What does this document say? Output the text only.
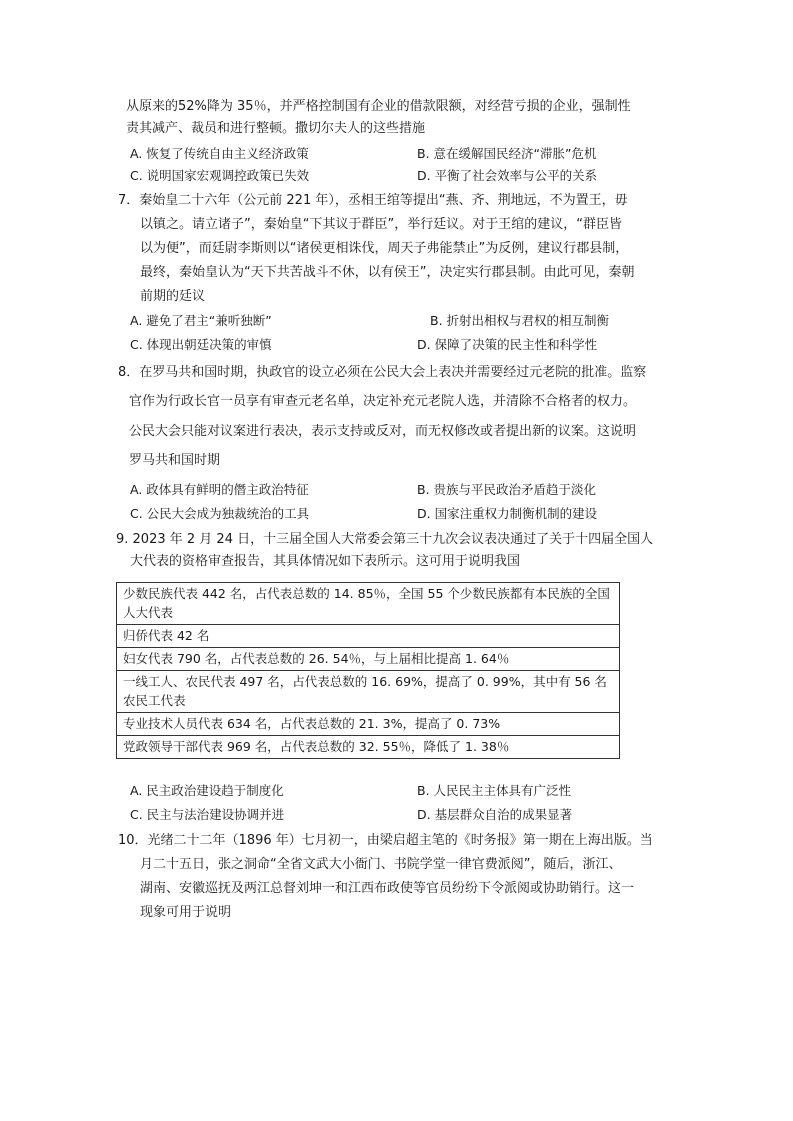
从原来的52%降为 35％，并严格控制国有企业的借款限额，对经营亏损的企业，强制性
责其减产、裁员和进行整顿。撒切尔夫人的这些措施
A. 恢复了传统自由主义经济政策	B. 意在缓解国民经济“滞胀”危机
C. 说明国家宏观调控政策已失效	D. 平衡了社会效率与公平的关系
7．秦始皇二十六年（公元前 221 年），丞相王绾等提出“燕、齐、荆地远，不为置王，毋
以镇之。请立诸子”，秦始皇“下其议于群臣”，举行廷议。对于王绾的建议，“群臣皆
以为便”，而廷尉李斯则以“诸侯更相诛伐，周天子弗能禁止”为反例，建议行郡县制，
最终，秦始皇认为“天下共苦战斗不休，以有侯王”，决定实行郡县制。由此可见，秦朝
前期的廷议
A. 避免了君主“兼听独断”	B. 折射出相权与君权的相互制衡
C. 体现出朝廷决策的审慎	D. 保障了决策的民主性和科学性
8．在罗马共和国时期，执政官的设立必须在公民大会上表决并需要经过元老院的批准。监察
官作为行政长官一员享有审查元老名单，决定补充元老院人选，并清除不合格者的权力。
公民大会只能对议案进行表决，表示支持或反对，而无权修改或者提出新的议案。这说明
罗马共和国时期
A. 政体具有鲜明的僭主政治特征	B. 贵族与平民政治矛盾趋于淡化
C. 公民大会成为独裁统治的工具	D. 国家注重权力制衡机制的建设
9. 2023 年 2 月 24 日，十三届全国人大常委会第三十九次会议表决通过了关于十四届全国人
大代表的资格审查报告，其具体情况如下表所示。这可用于说明我国
少数民族代表 442 名，占代表总数的 14. 85％，全国 55 个少数民族都有本民族的全国人大代表
归侨代表 42 名
妇女代表 790 名，占代表总数的 26. 54％，与上届相比提高 1. 64％
一线工人、农民代表 497 名，占代表总数的 16. 69%，提高了 0. 99%，其中有 56 名农民工代表
专业技术人员代表 634 名，占代表总数的 21. 3%，提高了 0. 73%
党政领导干部代表 969 名，占代表总数的 32. 55％，降低了 1. 38％
A. 民主政治建设趋于制度化	B. 人民民主主体具有广泛性
C. 民主与法治建设协调并进	D. 基层群众自治的成果显著
10．光绪二十二年（1896 年）七月初一，由梁启超主笔的《时务报》第一期在上海出版。当
月二十五日，张之洞命“全省文武大小衙门、书院学堂一律官费派阅”，随后，浙江、
湖南、安徽巡抚及两江总督刘坤一和江西布政使等官员纷纷下令派阅或协助销行。这一
现象可用于说明
